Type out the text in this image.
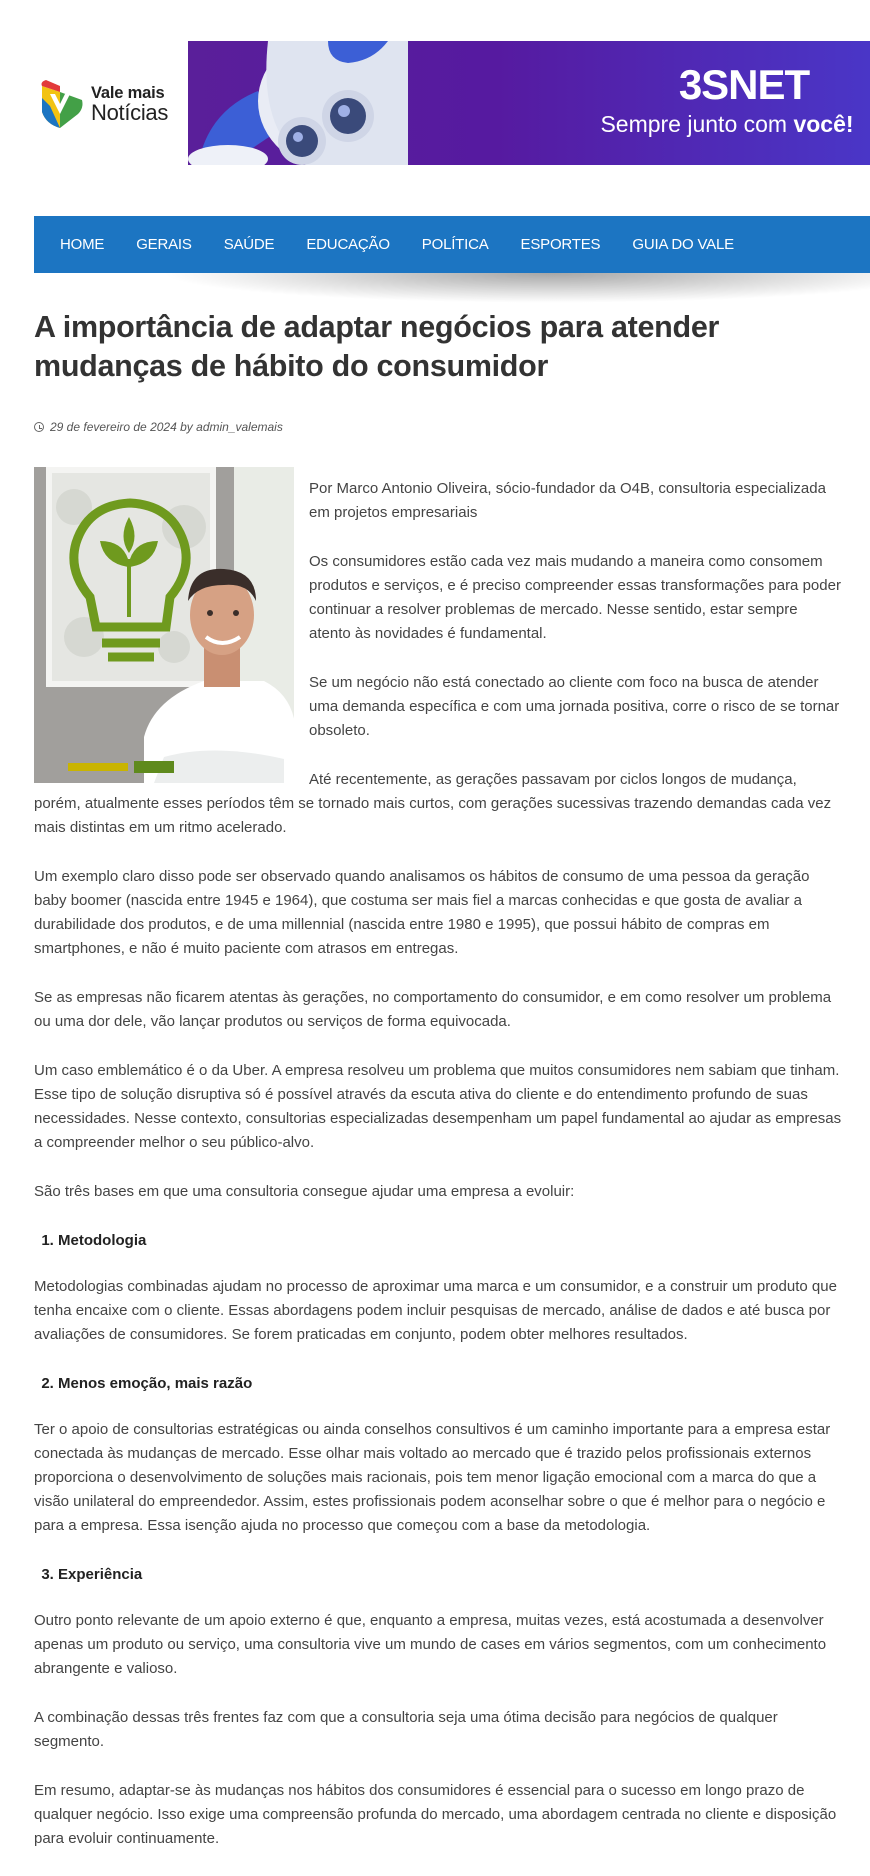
Vale mais
Notícias
3SNET
Sempre junto com você!
HOME GERAIS SAÚDE EDUCAÇÃO POLÍTICA ESPORTES GUIA DO VALE
A importância de adaptar negócios para atender mudanças de hábito do consumidor
29 de fevereiro de 2024
by
admin_valemais

Por Marco Antonio Oliveira, sócio-fundador da O4B, consultoria especializada em projetos empresariais

Os consumidores estão cada vez mais mudando a maneira como consomem produtos e serviços, e é preciso compreender essas transformações para poder continuar a resolver problemas de mercado. Nesse sentido, estar sempre atento às novidades é fundamental.

Se um negócio não está conectado ao cliente com foco na busca de atender uma demanda específica e com uma jornada positiva, corre o risco de se tornar obsoleto.

Até recentemente, as gerações passavam por ciclos longos de mudança, porém, atualmente esses períodos têm se tornado mais curtos, com gerações sucessivas trazendo demandas cada vez mais distintas em um ritmo acelerado.

Um exemplo claro disso pode ser observado quando analisamos os hábitos de consumo de uma pessoa da geração baby boomer (nascida entre 1945 e 1964), que costuma ser mais fiel a marcas conhecidas e que gosta de avaliar a durabilidade dos produtos, e de uma millennial (nascida entre 1980 e 1995), que possui hábito de compras em smartphones, e não é muito paciente com atrasos em entregas.

Se as empresas não ficarem atentas às gerações, no comportamento do consumidor, e em como resolver um problema ou uma dor dele, vão lançar produtos ou serviços de forma equivocada.

Um caso emblemático é o da Uber. A empresa resolveu um problema que muitos consumidores nem sabiam que tinham. Esse tipo de solução disruptiva só é possível através da escuta ativa do cliente e do entendimento profundo de suas necessidades. Nesse contexto, consultorias especializadas desempenham um papel fundamental ao ajudar as empresas a compreender melhor o seu público-alvo.

São três bases em que uma consultoria consegue ajudar uma empresa a evoluir:

1. Metodologia

Metodologias combinadas ajudam no processo de aproximar uma marca e um consumidor, e a construir um produto que tenha encaixe com o cliente. Essas abordagens podem incluir pesquisas de mercado, análise de dados e até busca por avaliações de consumidores. Se forem praticadas em conjunto, podem obter melhores resultados.

2. Menos emoção, mais razão

Ter o apoio de consultorias estratégicas ou ainda conselhos consultivos é um caminho importante para a empresa estar conectada às mudanças de mercado. Esse olhar mais voltado ao mercado que é trazido pelos profissionais externos proporciona o desenvolvimento de soluções mais racionais, pois tem menor ligação emocional com a marca do que a visão unilateral do empreendedor. Assim, estes profissionais podem aconselhar sobre o que é melhor para o negócio e para a empresa. Essa isenção ajuda no processo que começou com a base da metodologia.

3. Experiência

Outro ponto relevante de um apoio externo é que, enquanto a empresa, muitas vezes, está acostumada a desenvolver apenas um produto ou serviço, uma consultoria vive um mundo de cases em vários segmentos, com um conhecimento abrangente e valioso.

A combinação dessas três frentes faz com que a consultoria seja uma ótima decisão para negócios de qualquer segmento.

Em resumo, adaptar-se às mudanças nos hábitos dos consumidores é essencial para o sucesso em longo prazo de qualquer negócio. Isso exige uma compreensão profunda do mercado, uma abordagem centrada no cliente e disposição para evoluir continuamente.
